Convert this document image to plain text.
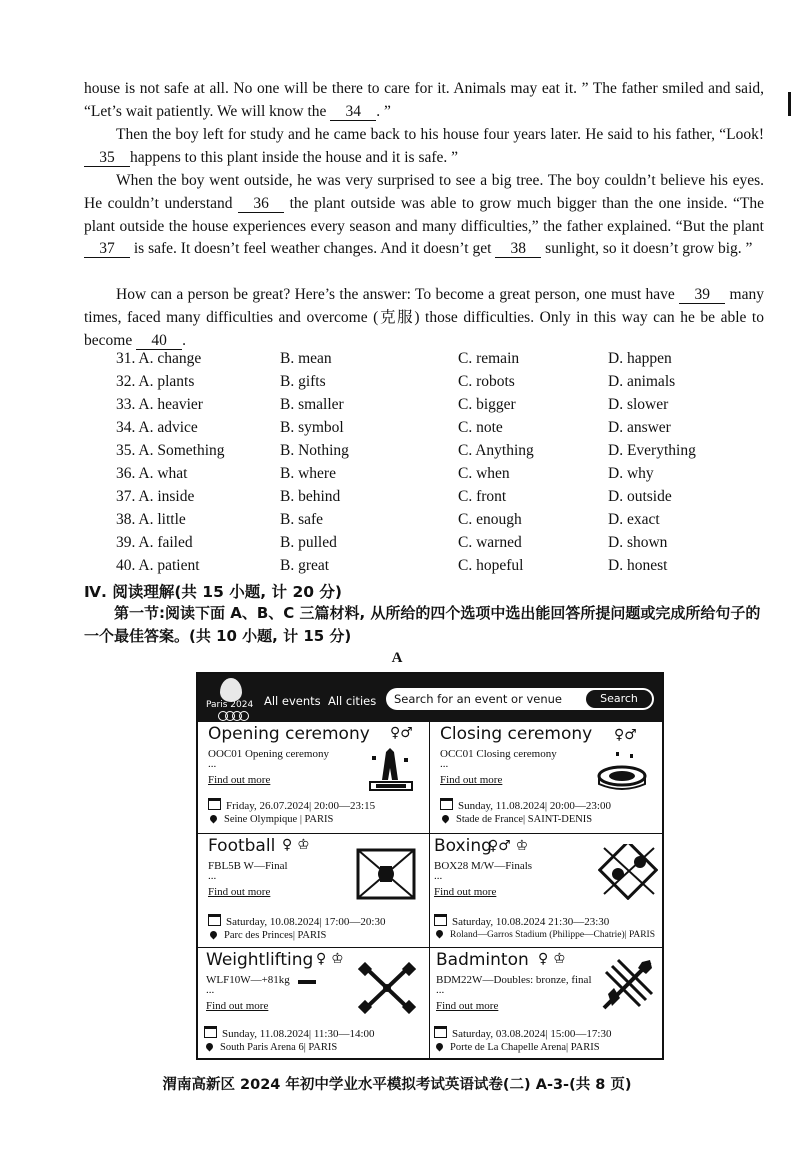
house is not safe at all. No one will be there to care for it. Animals may eat it. ” The father smiled and said, “Let’s wait patiently. We will know the 34 . ”
Then the boy left for study and he came back to his house four years later. He said to his father, “Look! 35 happens to this plant inside the house and it is safe. ”
When the boy went outside, he was very surprised to see a big tree. The boy couldn’t believe his eyes. He couldn’t understand 36 the plant outside was able to grow much bigger than the one inside. “The plant outside the house experiences every season and many difficulties,” the father explained. “But the plant 37 is safe. It doesn’t feel weather changes. And it doesn’t get 38 sunlight, so it doesn’t grow big. ”
How can a person be great? Here’s the answer: To become a great person, one must have 39 many times, faced many difficulties and overcome (克服) those difficulties. Only in this way can he be able to become 40 .
31. A. change	B. mean	C. remain	D. happen
32. A. plants	B. gifts	C. robots	D. animals
33. A. heavier	B. smaller	C. bigger	D. slower
34. A. advice	B. symbol	C. note	D. answer
35. A. Something	B. Nothing	C. Anything	D. Everything
36. A. what	B. where	C. when	D. why
37. A. inside	B. behind	C. front	D. outside
38. A. little	B. safe	C. enough	D. exact
39. A. failed	B. pulled	C. warned	D. shown
40. A. patient	B. great	C. hopeful	D. honest
Ⅳ. 阅读理解(共 15 小题, 计 20 分)
第一节:阅读下面 A、B、C 三篇材料, 从所给的四个选项中选出能回答所提问题或完成所给句子的一个最佳答案。(共 10 小题, 计 15 分)
A
Paris 2024 All events All cities
Search for an event or venue	Search
Opening ceremony ♀♂
OOC01 Opening ceremony
...
Find out more
Friday, 26.07.2024| 20:00—23:15
Seine Olympique | PARIS
Closing ceremony ♀♂
OCC01 Closing ceremony
...
Find out more
Sunday, 11.08.2024| 20:00—23:00
Stade de France| SAINT-DENIS
Football ♀ ♔
FBL5B W—Final
...
Find out more
Saturday, 10.08.2024| 17:00—20:30
Parc des Princes| PARIS
Boxing
♀♂ ♔
BOX28 M/W—Finals
...
Find out more
Saturday, 10.08.2024 21:30—23:30
Roland—Garros Stadium (Philippe—Chatrie)| PARIS
Weightlifting ♀ ♔
WLF10W—+81kg
...
Find out more
Sunday, 11.08.2024| 11:30—14:00
South Paris Arena 6| PARIS
Badminton ♀ ♔
BDM22W—Doubles: bronze, final
...
Find out more
Saturday, 03.08.2024| 15:00—17:30
Porte de La Chapelle Arena| PARIS
渭南高新区 2024 年初中学业水平模拟考试英语试卷(二) A-3-(共 8 页)
